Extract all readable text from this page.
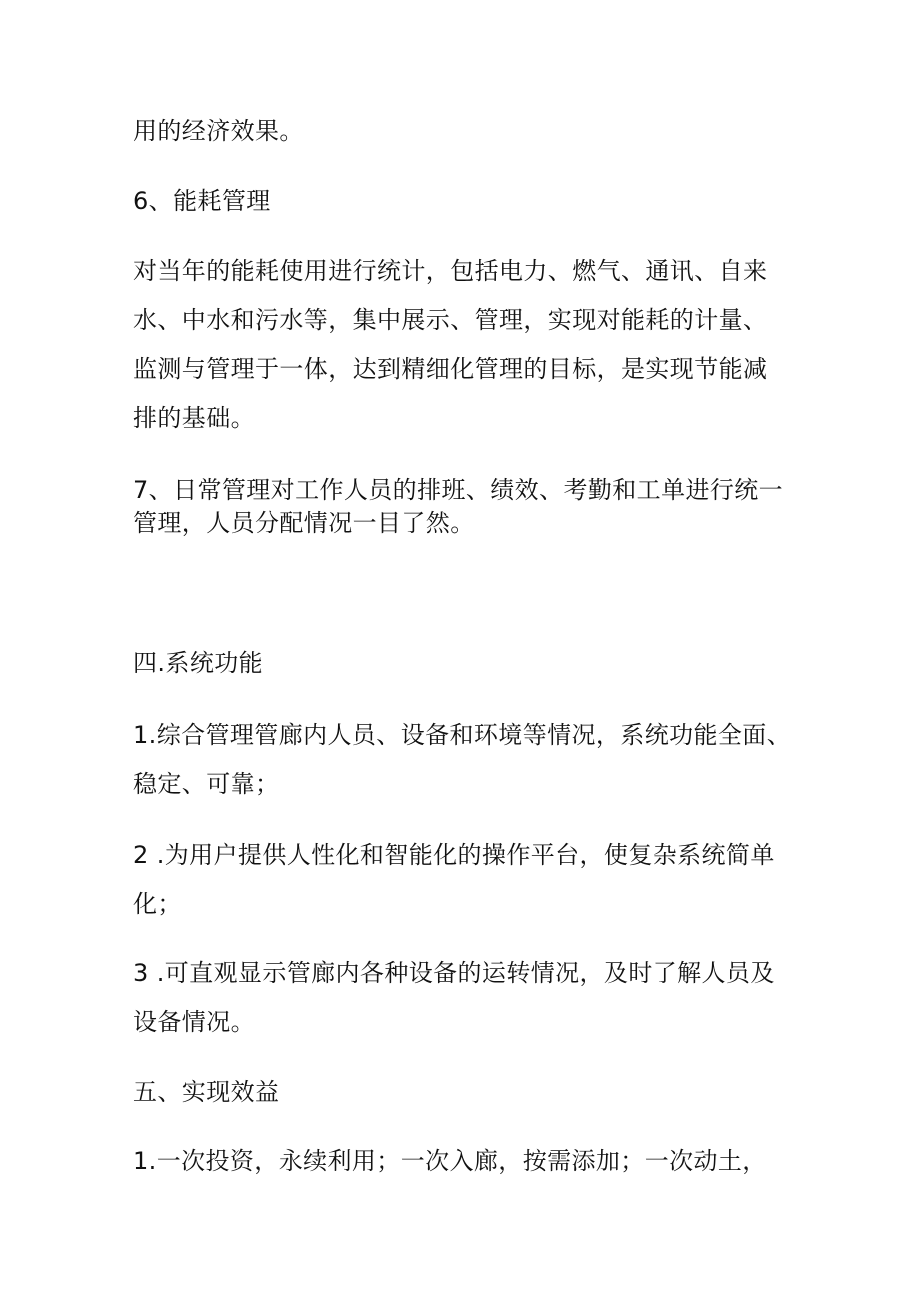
用的经济效果。
6、能耗管理
对当年的能耗使用进行统计，包括电力、燃气、通讯、自来
水、中水和污水等，集中展示、管理，实现对能耗的计量、
监测与管理于一体，达到精细化管理的目标，是实现节能减
排的基础。
7、日常管理对工作人员的排班、绩效、考勤和工单进行统一
管理，人员分配情况一目了然。
四.系统功能
1.综合管理管廊内人员、设备和环境等情况，系统功能全面、
稳定、可靠；
2 .为用户提供人性化和智能化的操作平台，使复杂系统简单
化；
3 .可直观显示管廊内各种设备的运转情况，及时了解人员及
设备情况。
五、实现效益
1.一次投资，永续利用；一次入廊，按需添加；一次动土，
